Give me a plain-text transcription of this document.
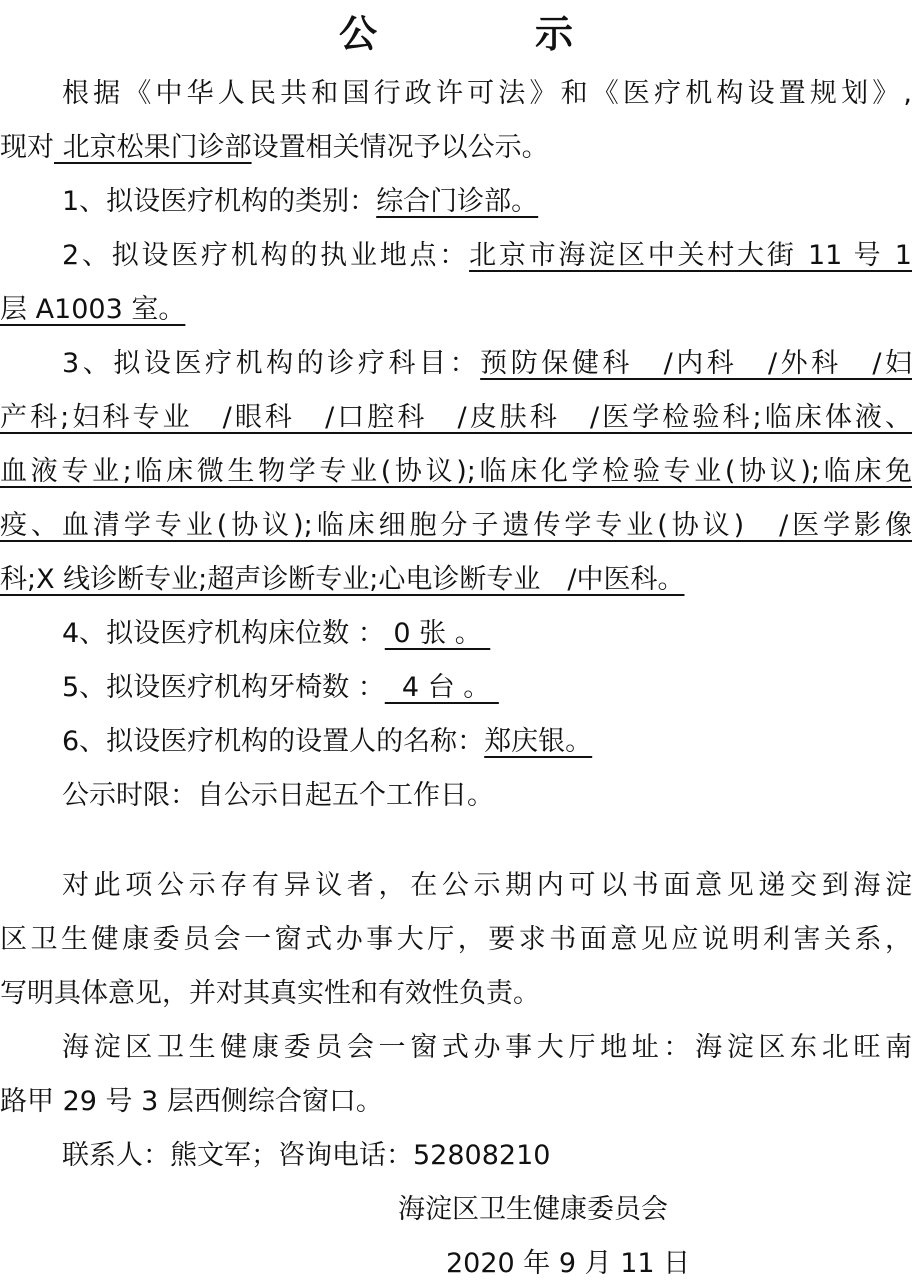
公　示
根据《中华人民共和国行政许可法》和《医疗机构设置规划》,
现对 北京松果门诊部设置相关情况予以公示。
1、拟设医疗机构的类别：综合门诊部。
2、拟设医疗机构的执业地点：北京市海淀区中关村大街 11 号 1
层 A1003 室。
3、拟设医疗机构的诊疗科目：预防保健科　/内科　/外科　/妇
产科;妇科专业　/眼科　/口腔科　/皮肤科　/医学检验科;临床体液、
血液专业;临床微生物学专业(协议);临床化学检验专业(协议);临床免
疫、血清学专业(协议);临床细胞分子遗传学专业(协议)　/医学影像
科;X 线诊断专业;超声诊断专业;心电诊断专业　/中医科。
4、拟设医疗机构床位数 ： 0 张 。
5、拟设医疗机构牙椅数 ：  4 台 。
6、拟设医疗机构的设置人的名称：郑庆银。
公示时限：自公示日起五个工作日。
对此项公示存有异议者，在公示期内可以书面意见递交到海淀
区卫生健康委员会一窗式办事大厅，要求书面意见应说明利害关系，
写明具体意见，并对其真实性和有效性负责。
海淀区卫生健康委员会一窗式办事大厅地址：海淀区东北旺南
路甲 29 号 3 层西侧综合窗口。
联系人：熊文军；咨询电话：52808210
海淀区卫生健康委员会
2020 年 9 月 11 日
